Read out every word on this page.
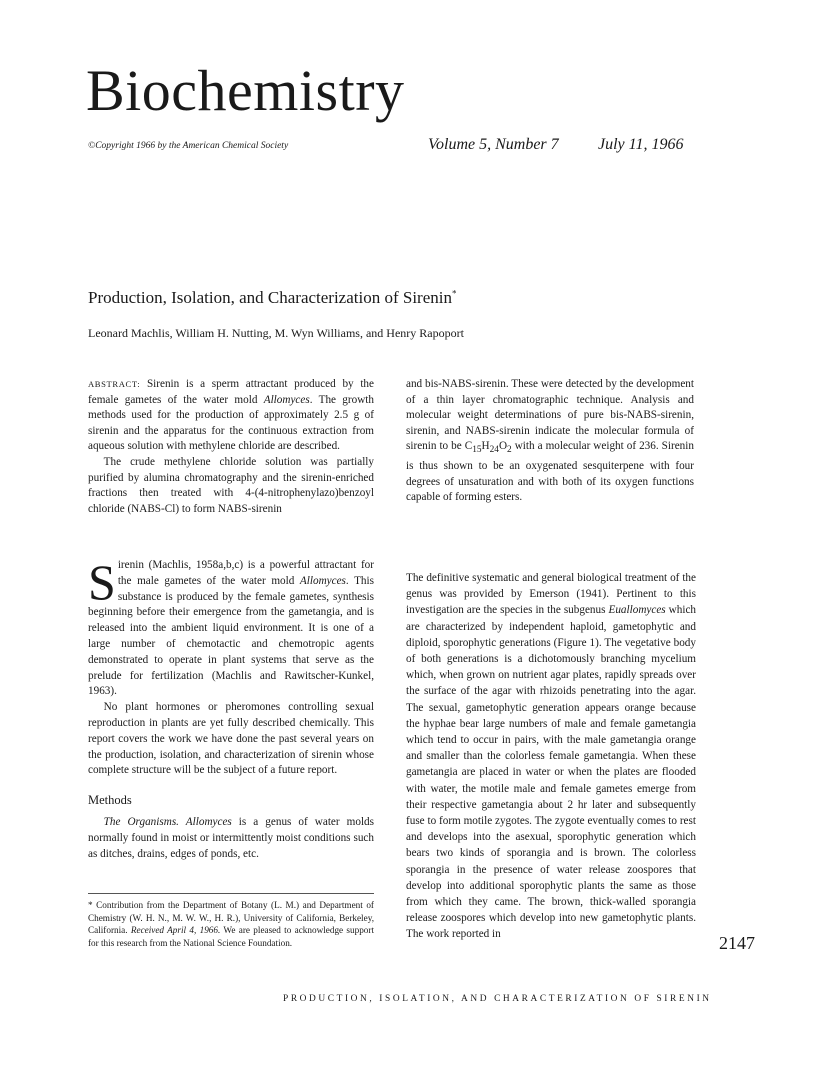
Biochemistry
©Copyright 1966 by the American Chemical Society	Volume 5, Number 7 July 11, 1966
Production, Isolation, and Characterization of Sirenin*
Leonard Machlis, William H. Nutting, M. Wyn Williams, and Henry Rapoport

ABSTRACT: Sirenin is a sperm attractant produced by the female gametes of the water mold Allomyces. The growth methods used for the production of approximately 2.5 g of sirenin and the apparatus for the continuous extraction from aqueous solution with methylene chloride are described.

The crude methylene chloride solution was partially purified by alumina chromatography and the sirenin-enriched fractions then treated with 4-(4-nitrophenylazo)benzoyl chloride (NABS-Cl) to form NABS-sirenin

and bis-NABS-sirenin. These were detected by the development of a thin layer chromatographic technique. Analysis and molecular weight determinations of pure bis-NABS-sirenin, sirenin, and NABS-sirenin indicate the molecular formula of sirenin to be $C_{15}H_{24}O_2$ with a molecular weight of 236. Sirenin is thus shown to be an oxygenated sesquiterpene with four degrees of unsaturation and with both of its oxygen functions capable of forming esters.

Sirenin (Machlis, 1958a,b,c) is a powerful attractant for the male gametes of the water mold Allomyces. This substance is produced by the female gametes, synthesis beginning before their emergence from the gametangia, and is released into the ambient liquid environment. It is one of a large number of chemotactic and chemotropic agents demonstrated to operate in plant systems that serve as the prelude for fertilization (Machlis and Rawitscher-Kunkel, 1963).

No plant hormones or pheromones controlling sexual reproduction in plants are yet fully described chemically. This report covers the work we have done the past several years on the production, isolation, and characterization of sirenin whose complete structure will be the subject of a future report.

Methods

The Organisms. Allomyces is a genus of water molds normally found in moist or intermittently moist conditions such as ditches, drains, edges of ponds, etc.

The definitive systematic and general biological treatment of the genus was provided by Emerson (1941). Pertinent to this investigation are the species in the subgenus Euallomyces which are characterized by independent haploid, gametophytic and diploid, sporophytic generations (Figure 1). The vegetative body of both generations is a dichotomously branching mycelium which, when grown on nutrient agar plates, rapidly spreads over the surface of the agar with rhizoids penetrating into the agar. The sexual, gametophytic generation appears orange because the hyphae bear large numbers of male and female gametangia which tend to occur in pairs, with the male gametangia orange and smaller than the colorless female gametangia. When these gametangia are placed in water or when the plates are flooded with water, the motile male and female gametes emerge from their respective gametangia about 2 hr later and subsequently fuse to form motile zygotes. The zygote eventually comes to rest and develops into the asexual, sporophytic generation which bears two kinds of sporangia and is brown. The colorless sporangia in the presence of water release zoospores that develop into additional sporophytic plants the same as those from which they came. The brown, thick-walled sporangia release zoospores which develop into new gametophytic plants. The work reported in

* Contribution from the Department of Botany (L. M.) and Department of Chemistry (W. H. N., M. W. W., H. R.), University of California, Berkeley, California. Received April 4, 1966. We are pleased to acknowledge support for this research from the National Science Foundation.	2147
PRODUCTION, ISOLATION, AND CHARACTERIZATION OF SIRENIN
